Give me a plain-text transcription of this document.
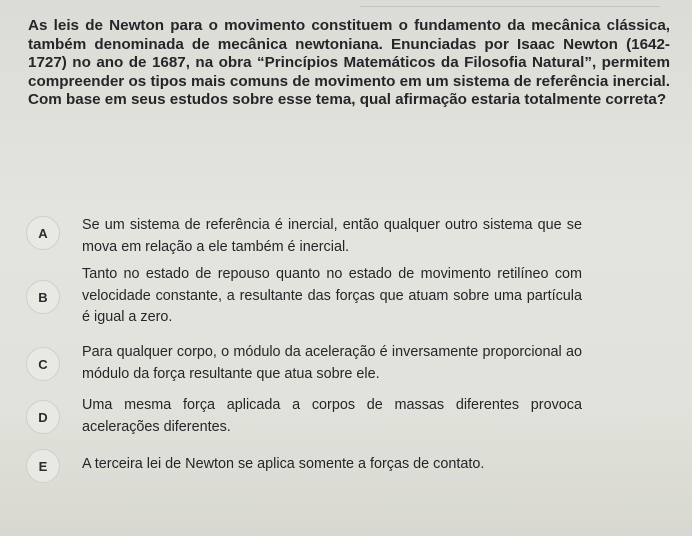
As leis de Newton para o movimento constituem o fundamento da mecânica clássica, também denominada de mecânica newtoniana. Enunciadas por Isaac Newton (1642-1727) no ano de 1687, na obra “Princípios Matemáticos da Filosofia Natural”, permitem compreender os tipos mais comuns de movimento em um sistema de referência inercial. Com base em seus estudos sobre esse tema, qual afirmação estaria totalmente correta?
A	Se um sistema de referência é inercial, então qualquer outro sistema que se mova em relação a ele também é inercial.
B
Tanto no estado de repouso quanto no estado de movimento retilíneo com velocidade constante, a resultante das forças que atuam sobre uma partícula é igual a zero.
C
Para qualquer corpo, o módulo da aceleração é inversamente proporcional ao módulo da força resultante que atua sobre ele.
D
Uma mesma força aplicada a corpos de massas diferentes provoca acelerações diferentes.
E	A terceira lei de Newton se aplica somente a forças de contato.
